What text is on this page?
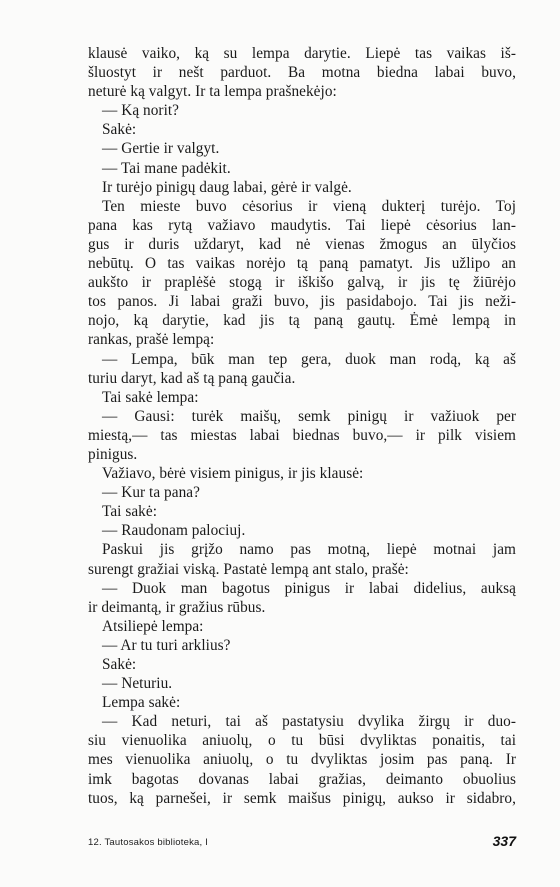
klausė vaiko, ką su lempa darytie. Liepė tas vaikas iš-
šluostyt ir nešt parduot. Ba motna biedna labai buvo,
neturė ką valgyt. Ir ta lempa prašnekėjo:
— Ką norit?
Sakė:
— Gertie ir valgyt.
— Tai mane padėkit.
Ir turėjo pinigų daug labai, gėrė ir valgė.
Ten mieste buvo cėsorius ir vieną dukterį turėjo. Toj
pana kas rytą važiavo maudytis. Tai liepė cėsorius lan-
gus ir duris uždaryt, kad nė vienas žmogus an ūlyčios
nebūtų. O tas vaikas norėjo tą paną pamatyt. Jis užlipo an
aukšto ir praplėšė stogą ir iškišo galvą, ir jis tę žiūrėjo
tos panos. Ji labai graži buvo, jis pasidabojo. Tai jis neži-
nojo, ką darytie, kad jis tą paną gautų. Ėmė lempą in
rankas, prašė lempą:
— Lempa, būk man tep gera, duok man rodą, ką aš
turiu daryt, kad aš tą paną gaučia.
Tai sakė lempa:
— Gausi: turėk maišų, semk pinigų ir važiuok per
miestą,— tas miestas labai biednas buvo,— ir pilk visiem
pinigus.
Važiavo, bėrė visiem pinigus, ir jis klausė:
— Kur ta pana?
Tai sakė:
— Raudonam palociuj.
Paskui jis grįžo namo pas motną, liepė motnai jam
surengt gražiai viską. Pastatė lempą ant stalo, prašė:
— Duok man bagotus pinigus ir labai didelius, auksą
ir deimantą, ir gražius rūbus.
Atsiliepė lempa:
— Ar tu turi arklius?
Sakė:
— Neturiu.
Lempa sakė:
— Kad neturi, tai aš pastatysiu dvylika žirgų ir duo-
siu vienuolika aniuolų, o tu būsi dvyliktas ponaitis, tai
mes vienuolika aniuolų, o tu dvyliktas josim pas paną. Ir
imk bagotas dovanas labai gražias, deimanto obuolius
tuos, ką parnešei, ir semk maišus pinigų, aukso ir sidabro,
12. Tautosakos biblioteka, I	337
